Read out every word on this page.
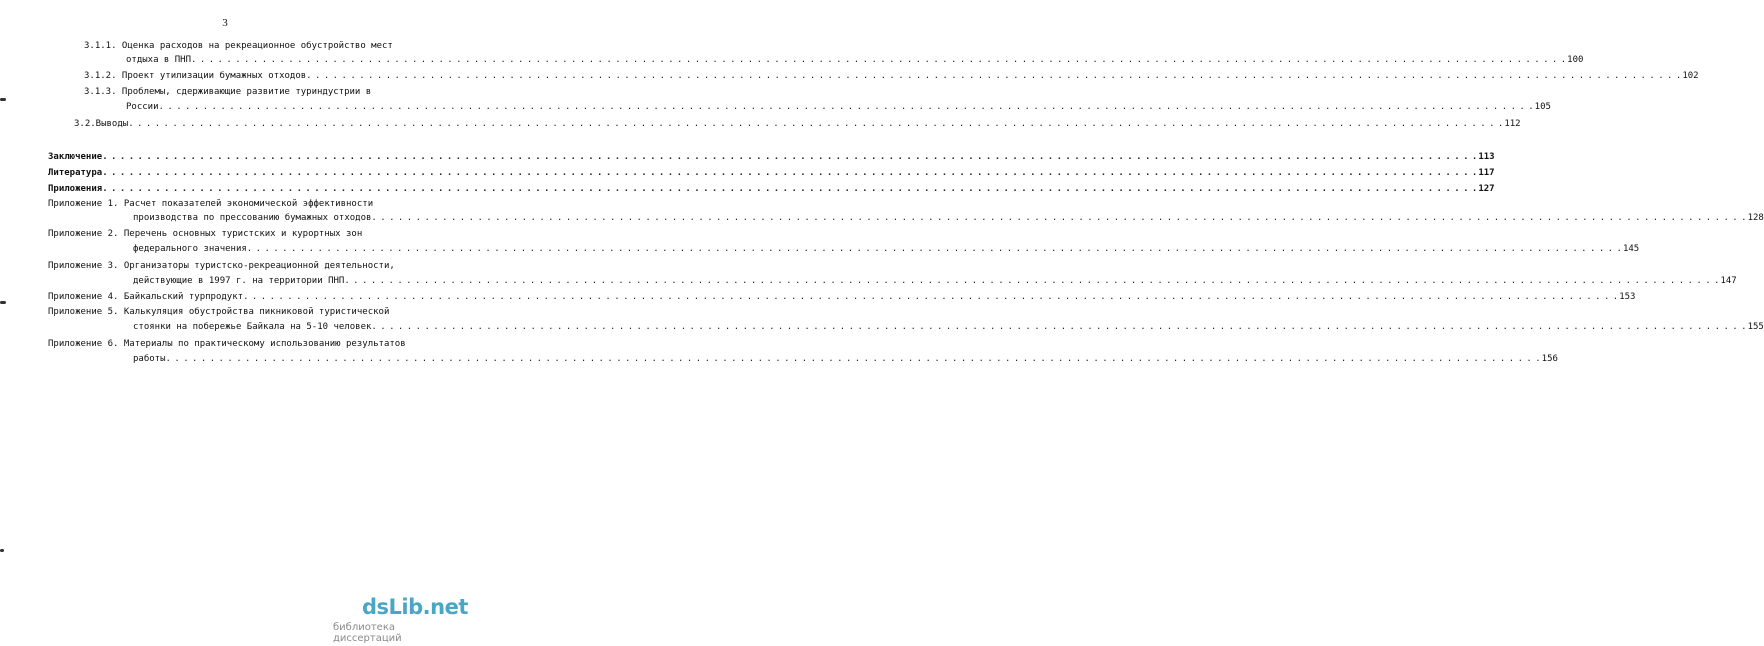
3
3.1.1. Оценка расходов на рекреационное обустройство мест
отдыха в ПНП . . .	100
3.1.2. Проект утилизации бумажных отходов . . .	102
3.1.3. Проблемы, сдерживающие развитие туриндустрии в
России . . .	105
3.2.Выводы . . .	112
Заключение . . .	113
Литература . . .	117
Приложения . . .	127
Приложение 1. Расчет показателей экономической эффективности
производства по прессованию бумажных отходов . . .	128
Приложение 2. Перечень основных туристских и курортных зон
федерального значения . . .	145
Приложение 3. Организаторы туристско-рекреационной деятельности,
действующие в 1997 г. на территории ПНП . . .	147
Приложение 4. Байкальский турпродукт . . .	153
Приложение 5. Калькуляция обустройства пикниковой туристической
стоянки на побережье Байкала на 5-10 человек . . .	155
Приложение 6. Материалы по практическому использованию результатов
работы . . .	156
dsLib.net
библиотека диссертаций
